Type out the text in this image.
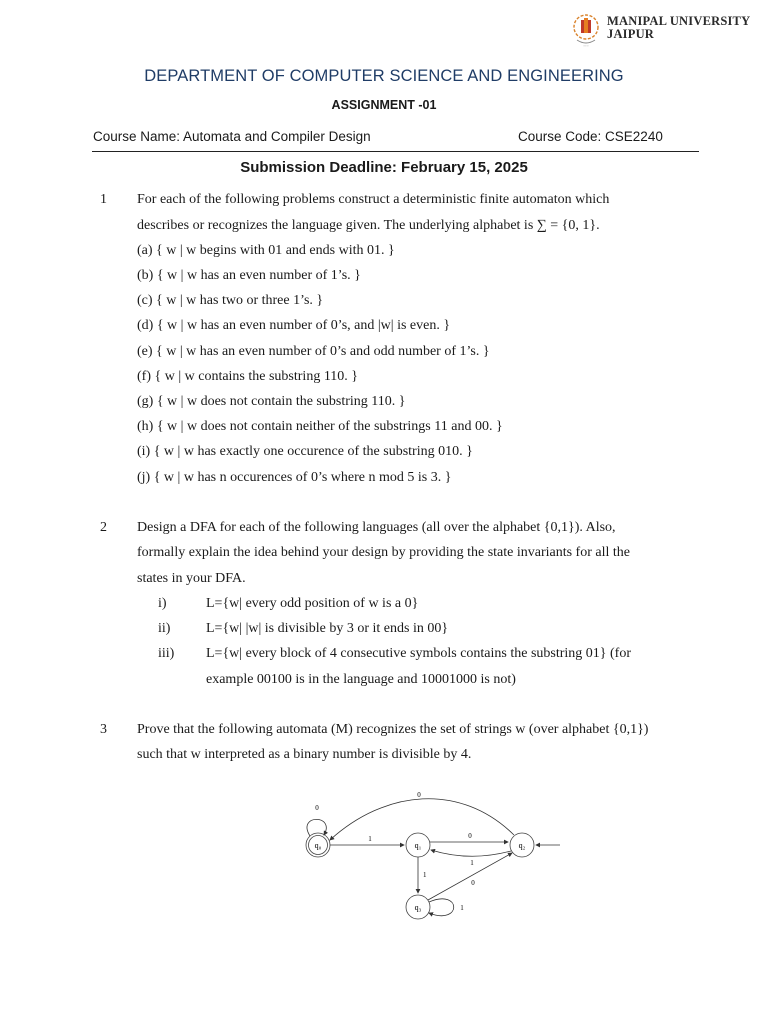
• • •
MANIPAL UNIVERSITY
JAIPUR
DEPARTMENT OF COMPUTER SCIENCE AND ENGINEERING
ASSIGNMENT -01
Course Name: Automata and Compiler Design	Course Code: CSE2240
Submission Deadline: February 15, 2025
1 For each of the following problems construct a deterministic finite automaton which
describes or recognizes the language given. The underlying alphabet is ∑ = {0, 1}.
(a) { w | w begins with 01 and ends with 01. }
(b) { w | w has an even number of 1’s. }
(c) { w | w has two or three 1’s. }
(d) { w | w has an even number of 0’s, and |w| is even. }
(e) { w | w has an even number of 0’s and odd number of 1’s. }
(f) { w | w contains the substring 110. }
(g) { w | w does not contain the substring 110. }
(h) { w | w does not contain neither of the substrings 11 and 00. }
(i) { w | w has exactly one occurence of the substring 010. }
(j) { w | w has n occurences of 0’s where n mod 5 is 3. }
2 Design a DFA for each of the following languages (all over the alphabet {0,1}). Also,
formally explain the idea behind your design by providing the state invariants for all the
states in your DFA.
i)	L={w| every odd position of w is a 0}
ii)	L={w| |w| is divisible by 3 or it ends in 00}
iii) L={w| every block of 4 consecutive symbols contains the substring 01} (for
example 00100 is in the language and 10001000 is not)
3 Prove that the following automata (M) recognizes the set of strings w (over alphabet {0,1})
such that w interpreted as a binary number is divisible by 4.
q₀	q₁	q₂
q₃
0
1	0
1
1
0
1
0
